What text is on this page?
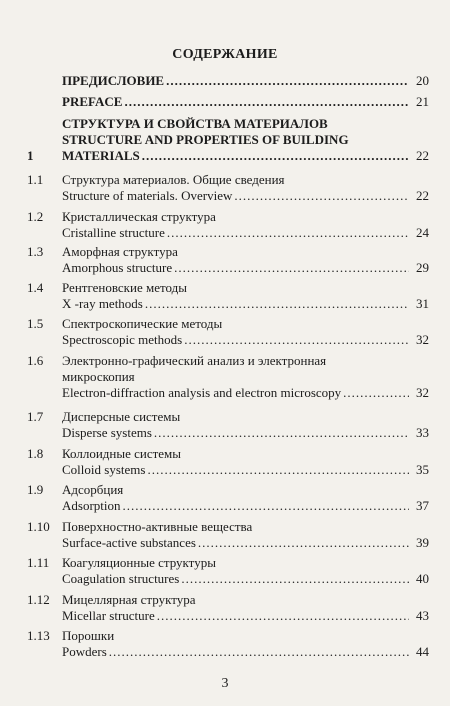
СОДЕРЖАНИЕ
ПРЕДИСЛОВИЕ .....	20
PREFACE .....	21
1
СТРУКТУРА И СВОЙСТВА МАТЕРИАЛОВ
STRUCTURE AND PROPERTIES OF BUILDING
MATERIALS .....	22
1.1 Структура материалов. Общие сведения
Structure of materials. Overview .....	22
1.2 Кристаллическая структура
Cristalline structure .....	24
1.3 Аморфная структура
Amorphous structure .....	29
1.4 Рентгеновские методы
X -ray methods .....	31
1.5 Спектроскопические методы
Spectroscopic methods .....	32
1.6 Электронно-графический анализ и электронная
микроскопия
Electron-diffraction analysis and electron microscopy .....	32
1.7 Дисперсные системы
Disperse systems .....	33
1.8 Коллоидные системы
Colloid systems .....	35
1.9 Адсорбция
Adsorption .....	37
1.10 Поверхностно-активные вещества
Surface-active substances .....	39
1.11 Коагуляционные структуры
Coagulation structures .....	40
1.12 Мицеллярная структура
Micellar structure .....	43
1.13 Порошки
Powders .....	44
3
